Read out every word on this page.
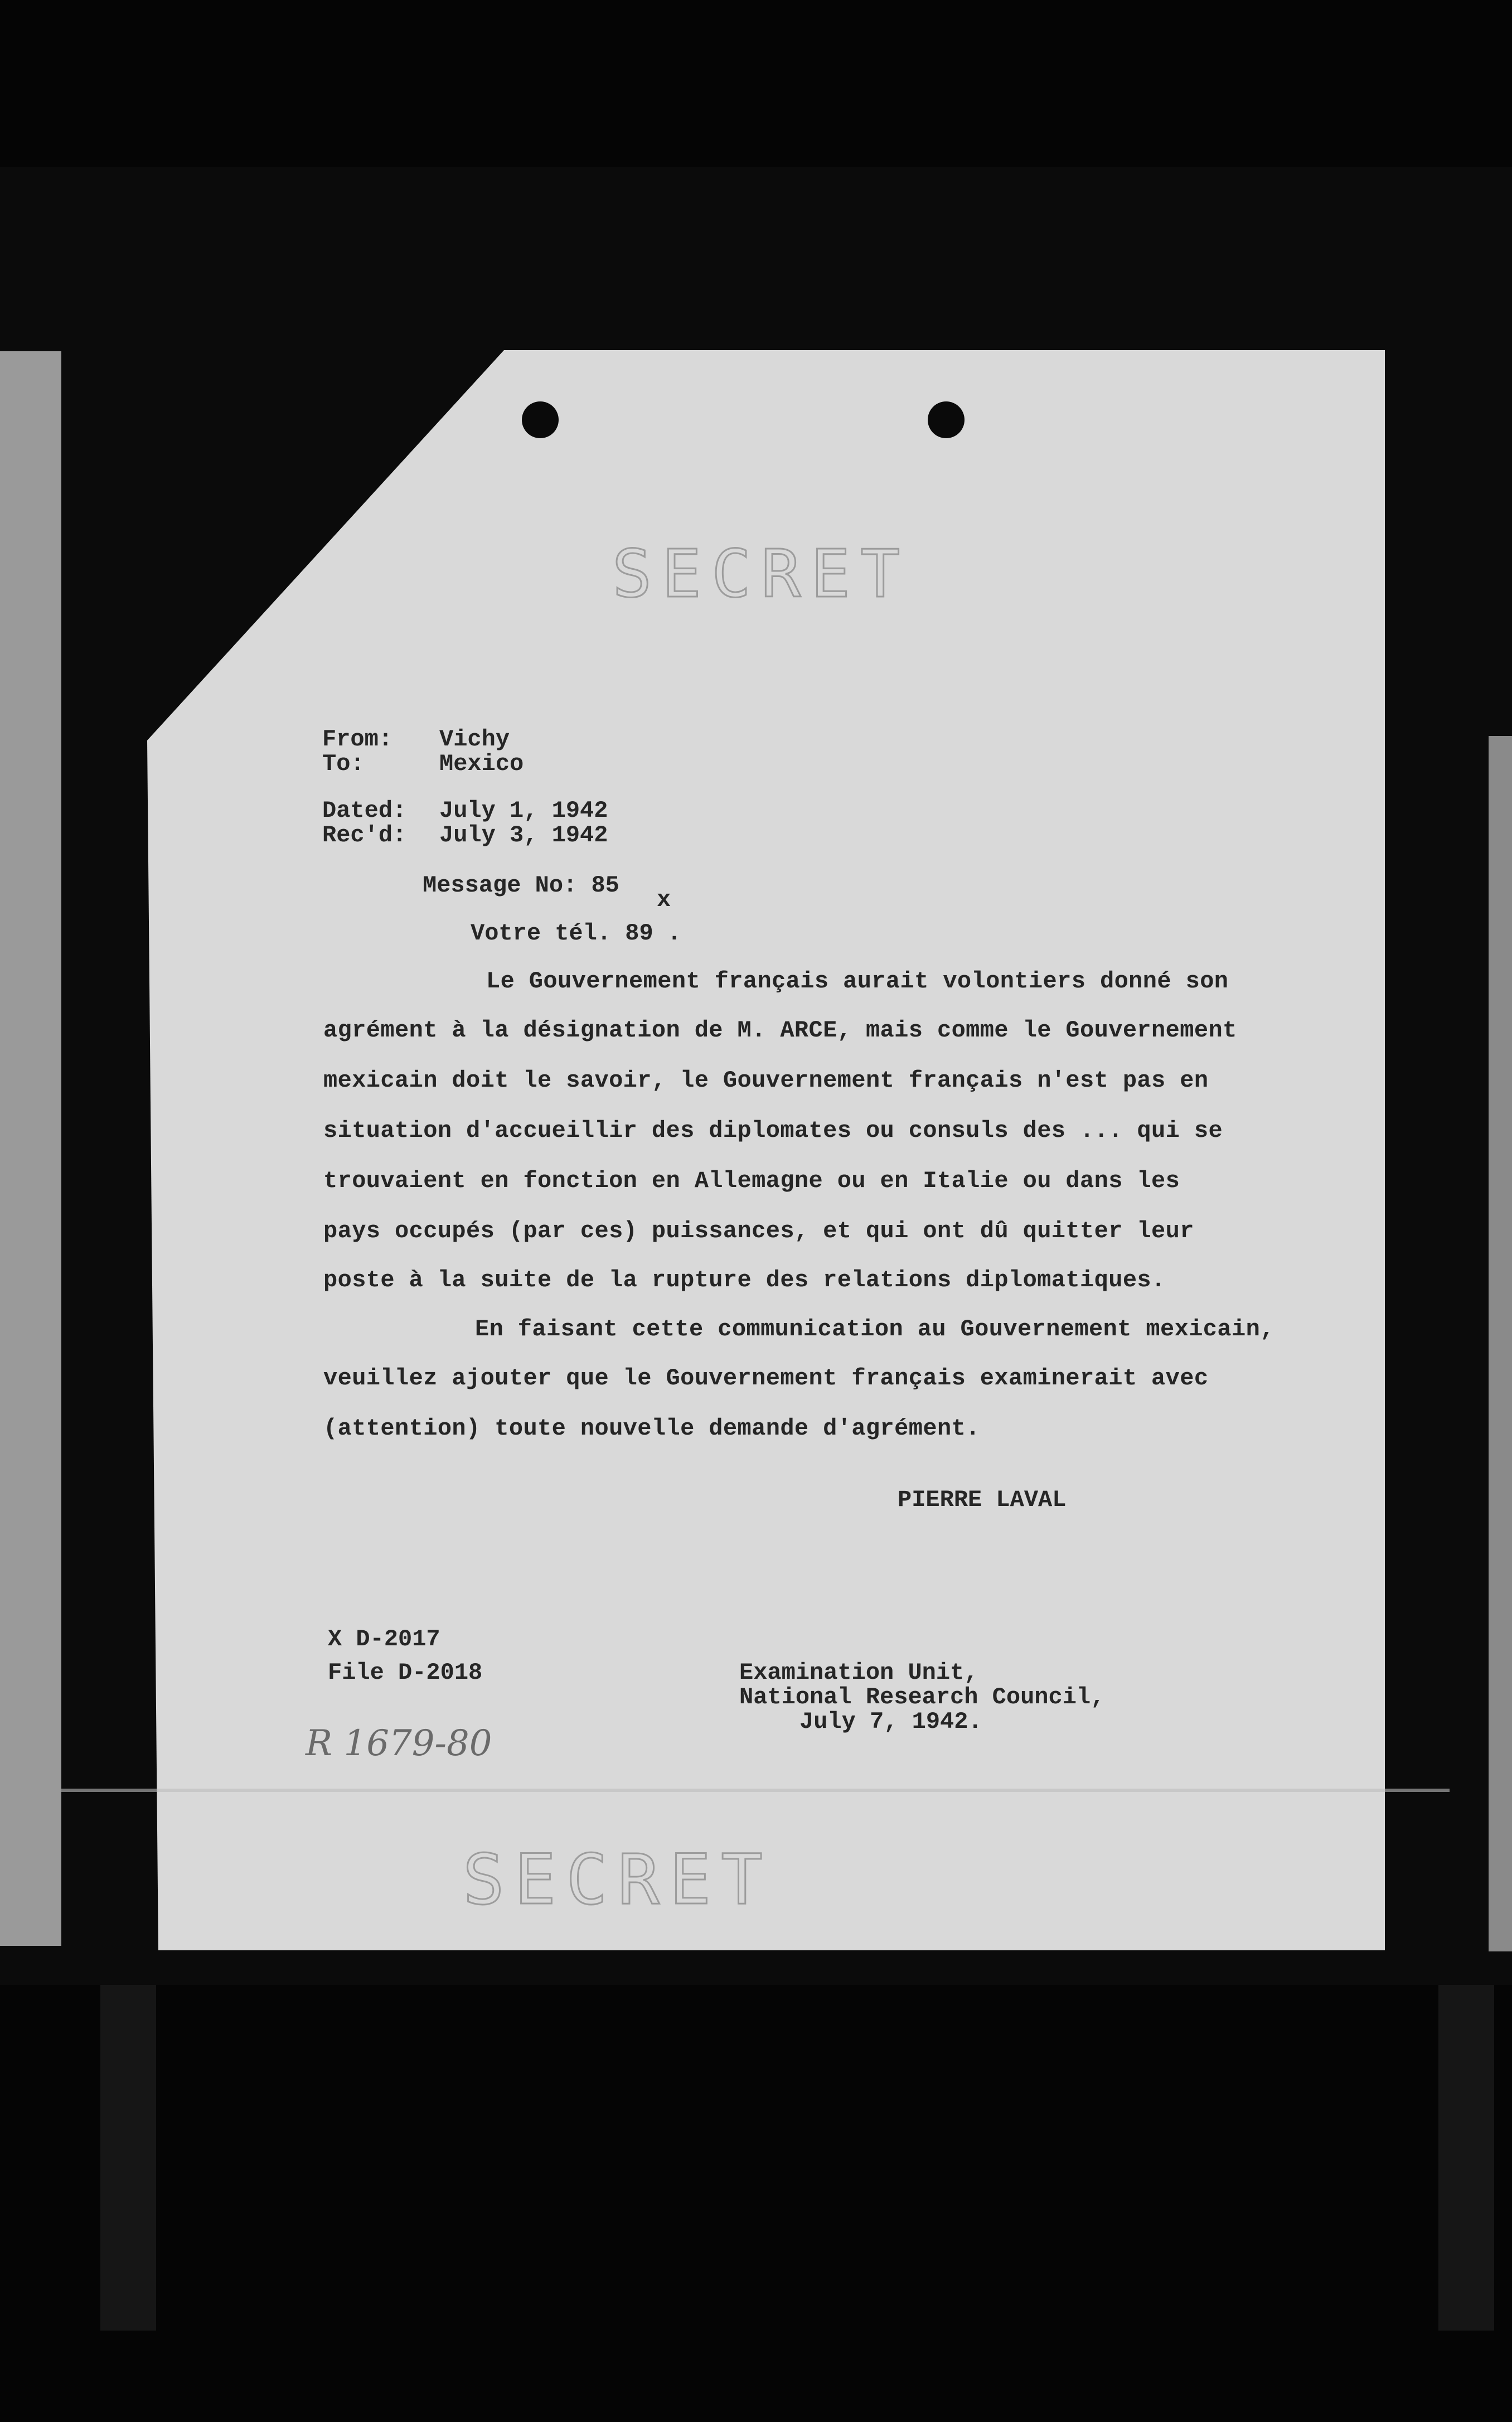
SECRET
From: Vichy
To:	Mexico
Dated: July 1, 1942
Rec'd: July 3, 1942
Message No: 85
x
Votre tél. 89 .
Le Gouvernement français aurait volontiers donné son
agrément à la désignation de M. ARCE, mais comme le Gouvernement
mexicain doit le savoir, le Gouvernement français n'est pas en
situation d'accueillir des diplomates ou consuls des ... qui se
trouvaient en fonction en Allemagne ou en Italie ou dans les
pays occupés (par ces) puissances, et qui ont dû quitter leur
poste à la suite de la rupture des relations diplomatiques.
En faisant cette communication au Gouvernement mexicain,
veuillez ajouter que le Gouvernement français examinerait avec
(attention) toute nouvelle demande d'agrément.
PIERRE LAVAL
X D-2017
File D-2018	Examination Unit,
National Research Council,
July 7, 1942.
R 1679-80
SECRET
